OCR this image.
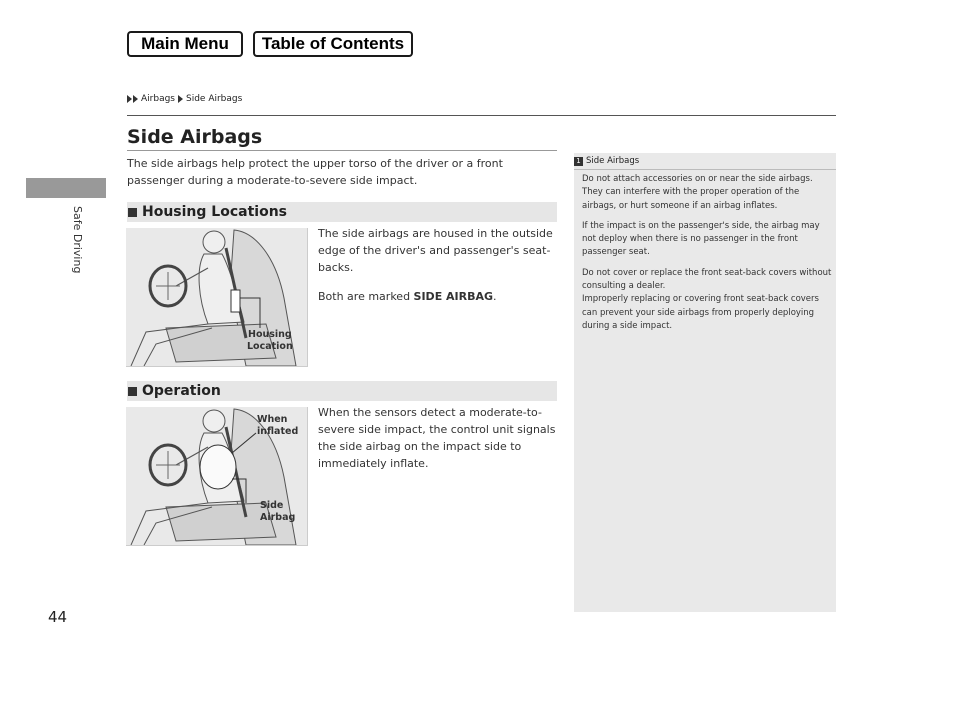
Main Menu	Table of Contents
Airbags Side Airbags
Safe Driving
44
Side Airbags
The side airbags help protect the upper torso of the driver or a front passenger during a moderate-to-severe side impact.
Housing Locations
Housing
Location

The side airbags are housed in the outside edge of the driver's and passenger's seat-backs.

Both are marked SIDE AIRBAG.

Operation
When
inflated
Side
Airbag

When the sensors detect a moderate-to-severe side impact, the control unit signals the side airbag on the impact side to immediately inflate.

1 Side Airbags

Do not attach accessories on or near the side airbags. They can interfere with the proper operation of the airbags, or hurt someone if an airbag inflates.

If the impact is on the passenger's side, the airbag may not deploy when there is no passenger in the front passenger seat.

Do not cover or replace the front seat-back covers without consulting a dealer.

Improperly replacing or covering front seat-back covers can prevent your side airbags from properly deploying during a side impact.
